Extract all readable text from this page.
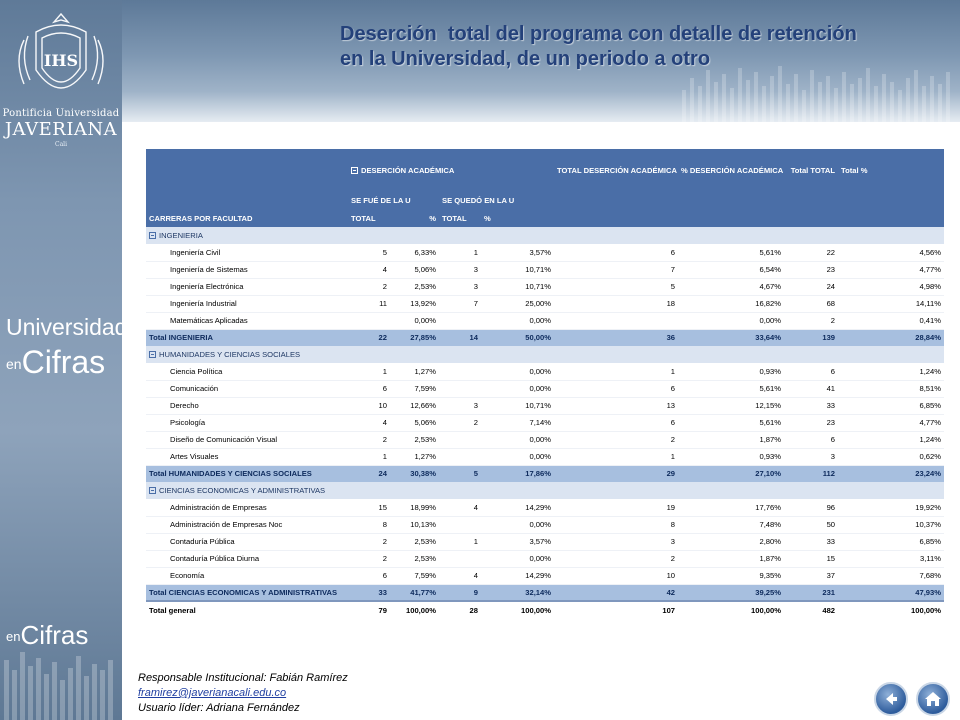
IHS
Pontificia Universidad
JAVERIANA
Cali
Universidad
enCifras
enCifras
Deserción  total del programa con detalle de retención
en la Universidad, de un periodo a otro
	DESERCIÓN ACADÉMICA				TOTAL DESERCIÓN ACADÉMICA	% DESERCIÓN ACADÉMICA	Total TOTAL	Total %
	SE FUÉ DE LA U		SE QUEDÓ EN LA U					
CARRERAS POR FACULTAD	TOTAL	%	TOTAL	%				
INGENIERIA								
Ingeniería Civil	5	6,33%	1	3,57%	6	5,61%	22	4,56%
Ingeniería de Sistemas	4	5,06%	3	10,71%	7	6,54%	23	4,77%
Ingeniería Electrónica	2	2,53%	3	10,71%	5	4,67%	24	4,98%
Ingeniería Industrial	11	13,92%	7	25,00%	18	16,82%	68	14,11%
Matemáticas Aplicadas		0,00%		0,00%		0,00%	2	0,41%
Total INGENIERIA	22	27,85%	14	50,00%	36	33,64%	139	28,84%
HUMANIDADES Y CIENCIAS SOCIALES								
Ciencia Política	1	1,27%		0,00%	1	0,93%	6	1,24%
Comunicación	6	7,59%		0,00%	6	5,61%	41	8,51%
Derecho	10	12,66%	3	10,71%	13	12,15%	33	6,85%
Psicología	4	5,06%	2	7,14%	6	5,61%	23	4,77%
Diseño de Comunicación Visual	2	2,53%		0,00%	2	1,87%	6	1,24%
Artes Visuales	1	1,27%		0,00%	1	0,93%	3	0,62%
Total HUMANIDADES Y CIENCIAS SOCIALES	24	30,38%	5	17,86%	29	27,10%	112	23,24%
CIENCIAS ECONOMICAS Y ADMINISTRATIVAS								
Administración de Empresas	15	18,99%	4	14,29%	19	17,76%	96	19,92%
Administración de Empresas Noc	8	10,13%		0,00%	8	7,48%	50	10,37%
Contaduría Pública	2	2,53%	1	3,57%	3	2,80%	33	6,85%
Contaduría Pública Diurna	2	2,53%		0,00%	2	1,87%	15	3,11%
Economía	6	7,59%	4	14,29%	10	9,35%	37	7,68%
Total CIENCIAS ECONOMICAS Y ADMINISTRATIVAS	33	41,77%	9	32,14%	42	39,25%	231	47,93%
Total general	79	100,00%	28	100,00%	107	100,00%	482	100,00%
Responsable Institucional: Fabián Ramírez
framirez@javerianacali.edu.co
Usuario líder: Adriana Fernández
